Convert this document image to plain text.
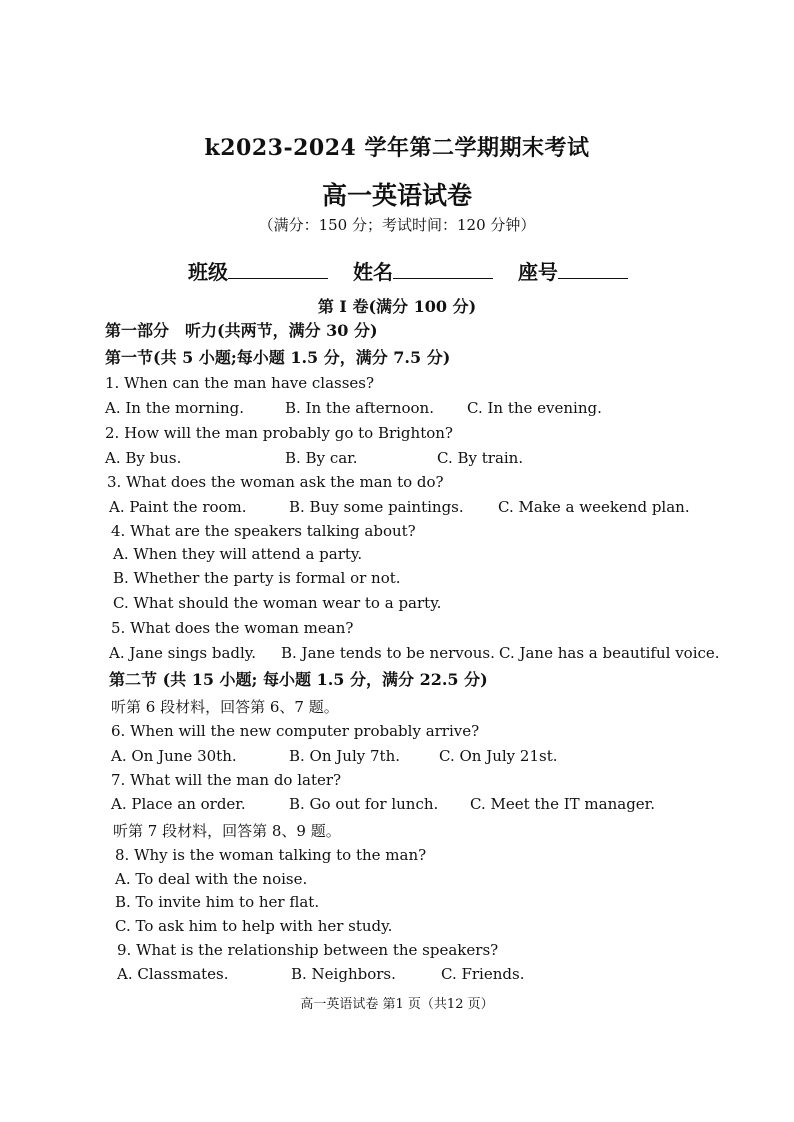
k2023-2024 学年第二学期期末考试
高一英语试卷
（满分：150 分；考试时间：120 分钟）
班级	姓名	座号
第 I 卷(满分 100 分)
第一部分　听力(共两节，满分 30 分)
第一节(共 5 小题;每小题 1.5 分，满分 7.5 分)
1. When can the man have classes?
A. In the morning.	B. In the afternoon. C. In the evening.
2. How will the man probably go to Brighton?
A. By bus.	B. By car.	C. By train.
3. What does the woman ask the man to do?
A. Paint the room.	B. Buy some paintings. C. Make a weekend plan.
4. What are the speakers talking about?
A. When they will attend a party.
B. Whether the party is formal or not.
C. What should the woman wear to a party.
5. What does the woman mean?
A. Jane sings badly. B. Jane tends to be nervous. C. Jane has a beautiful voice.
第二节 (共 15 小题; 每小题 1.5 分，满分 22.5 分)
听第 6 段材料，回答第 6、7 题。
6. When will the new computer probably arrive?
A. On June 30th.	B. On July 7th.	C. On July 21st.
7. What will the man do later?
A. Place an order.	B. Go out for lunch. C. Meet the IT manager.
听第 7 段材料，回答第 8、9 题。
8. Why is the woman talking to the man?
A. To deal with the noise.
B. To invite him to her flat.
C. To ask him to help with her study.
9. What is the relationship between the speakers?
A. Classmates.	B. Neighbors.	C. Friends.
高一英语试卷 第1 页（共12 页）
